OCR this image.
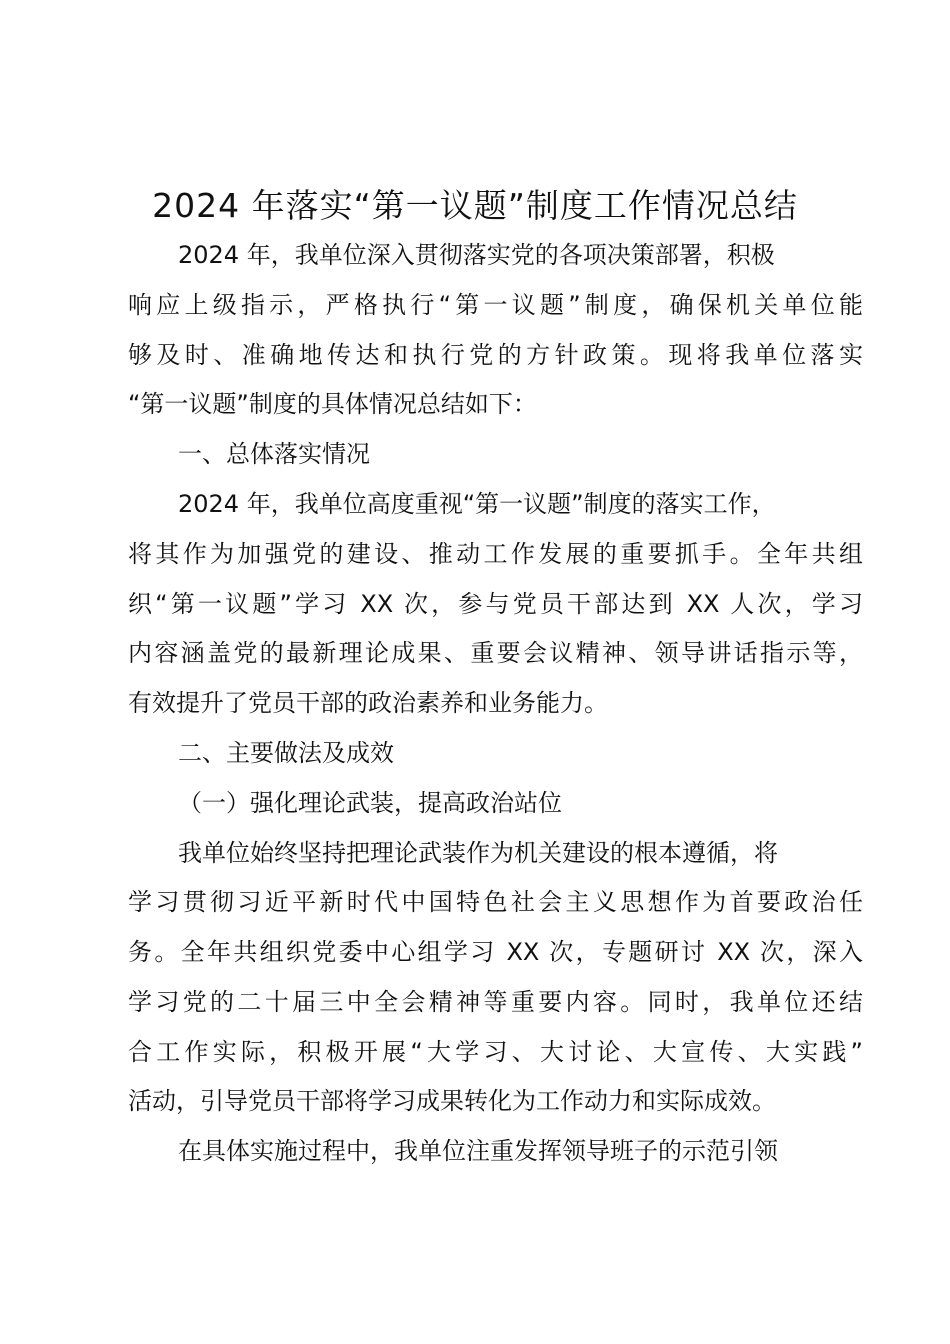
2024 年落实“第一议题”制度工作情况总结
2024 年，我单位深入贯彻落实党的各项决策部署，积极
响应上级指示，严格执行“第一议题”制度，确保机关单位能
够及时、准确地传达和执行党的方针政策。现将我单位落实
“第一议题”制度的具体情况总结如下：
一、总体落实情况
2024 年，我单位高度重视“第一议题”制度的落实工作，
将其作为加强党的建设、推动工作发展的重要抓手。全年共组
织“第一议题”学习 XX 次，参与党员干部达到 XX 人次，学习
内容涵盖党的最新理论成果、重要会议精神、领导讲话指示等，
有效提升了党员干部的政治素养和业务能力。
二、主要做法及成效
（一）强化理论武装，提高政治站位
我单位始终坚持把理论武装作为机关建设的根本遵循，将
学习贯彻习近平新时代中国特色社会主义思想作为首要政治任
务。全年共组织党委中心组学习 XX 次，专题研讨 XX 次，深入
学习党的二十届三中全会精神等重要内容。同时，我单位还结
合工作实际，积极开展“大学习、大讨论、大宣传、大实践”
活动，引导党员干部将学习成果转化为工作动力和实际成效。
在具体实施过程中，我单位注重发挥领导班子的示范引领
